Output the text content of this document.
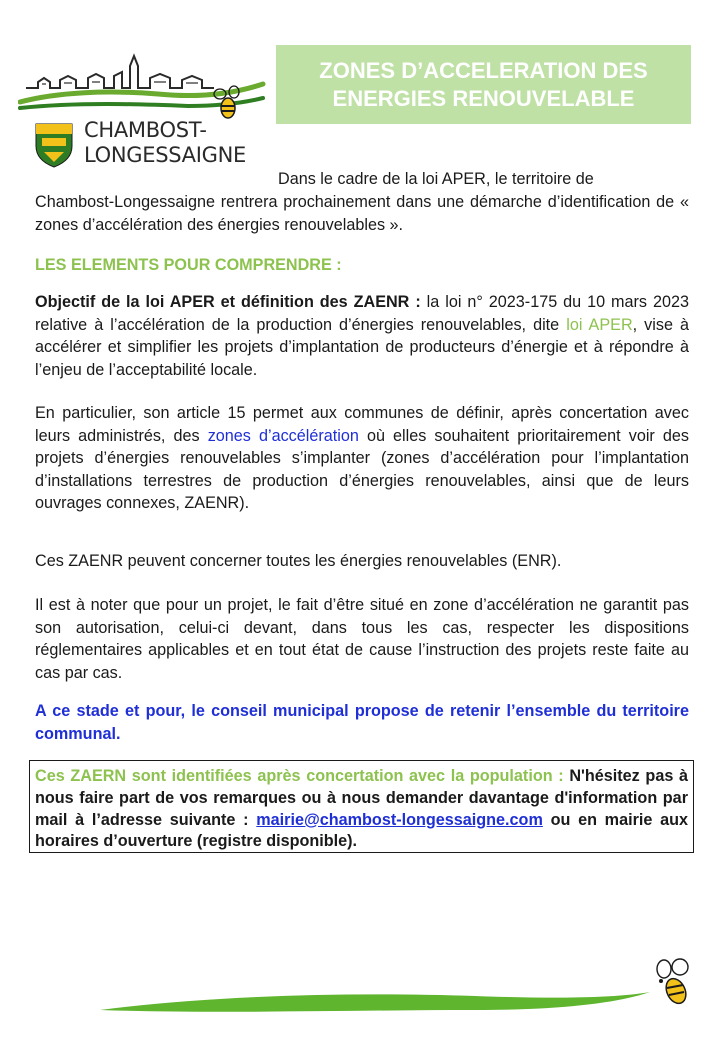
CHAMBOST-
LONGESSAIGNE
ZONES D’ACCELERATION DES
ENERGIES RENOUVELABLE
Dans le cadre de la loi APER, le territoire de
Chambost-Longessaigne rentrera prochainement dans une démarche d’identification de « zones d’accélération des énergies renouvelables ».
LES ELEMENTS POUR COMPRENDRE :
Objectif de la loi APER et définition des ZAENR : la loi n° 2023-175 du 10 mars 2023 relative à l’accélération de la production d’énergies renouvelables, dite loi APER, vise à accélérer et simplifier les projets d’implantation de producteurs d’énergie et à répondre à l’enjeu de l’acceptabilité locale.
En particulier, son article 15 permet aux communes de définir, après concertation avec leurs administrés, des zones d’accélération où elles souhaitent prioritairement voir des projets d’énergies renouvelables s’implanter (zones d’accélération pour l’implantation d’installations terrestres de production d’énergies renouvelables, ainsi que de leurs ouvrages connexes, ZAENR).
Ces ZAENR peuvent concerner toutes les énergies renouvelables (ENR).
Il est à noter que pour un projet, le fait d’être situé en zone d’accélération ne garantit pas son autorisation, celui-ci devant, dans tous les cas, respecter les dispositions réglementaires applicables et en tout état de cause l’instruction des projets reste faite au cas par cas.
A ce stade et pour, le conseil municipal propose de retenir l’ensemble du territoire communal.
Ces ZAERN sont identifiées après concertation avec la population : N'hésitez pas à nous faire part de vos remarques ou à nous demander davantage d'information par mail à l’adresse suivante : mairie@chambost-longessaigne.com ou en mairie aux horaires d’ouverture (registre disponible).
